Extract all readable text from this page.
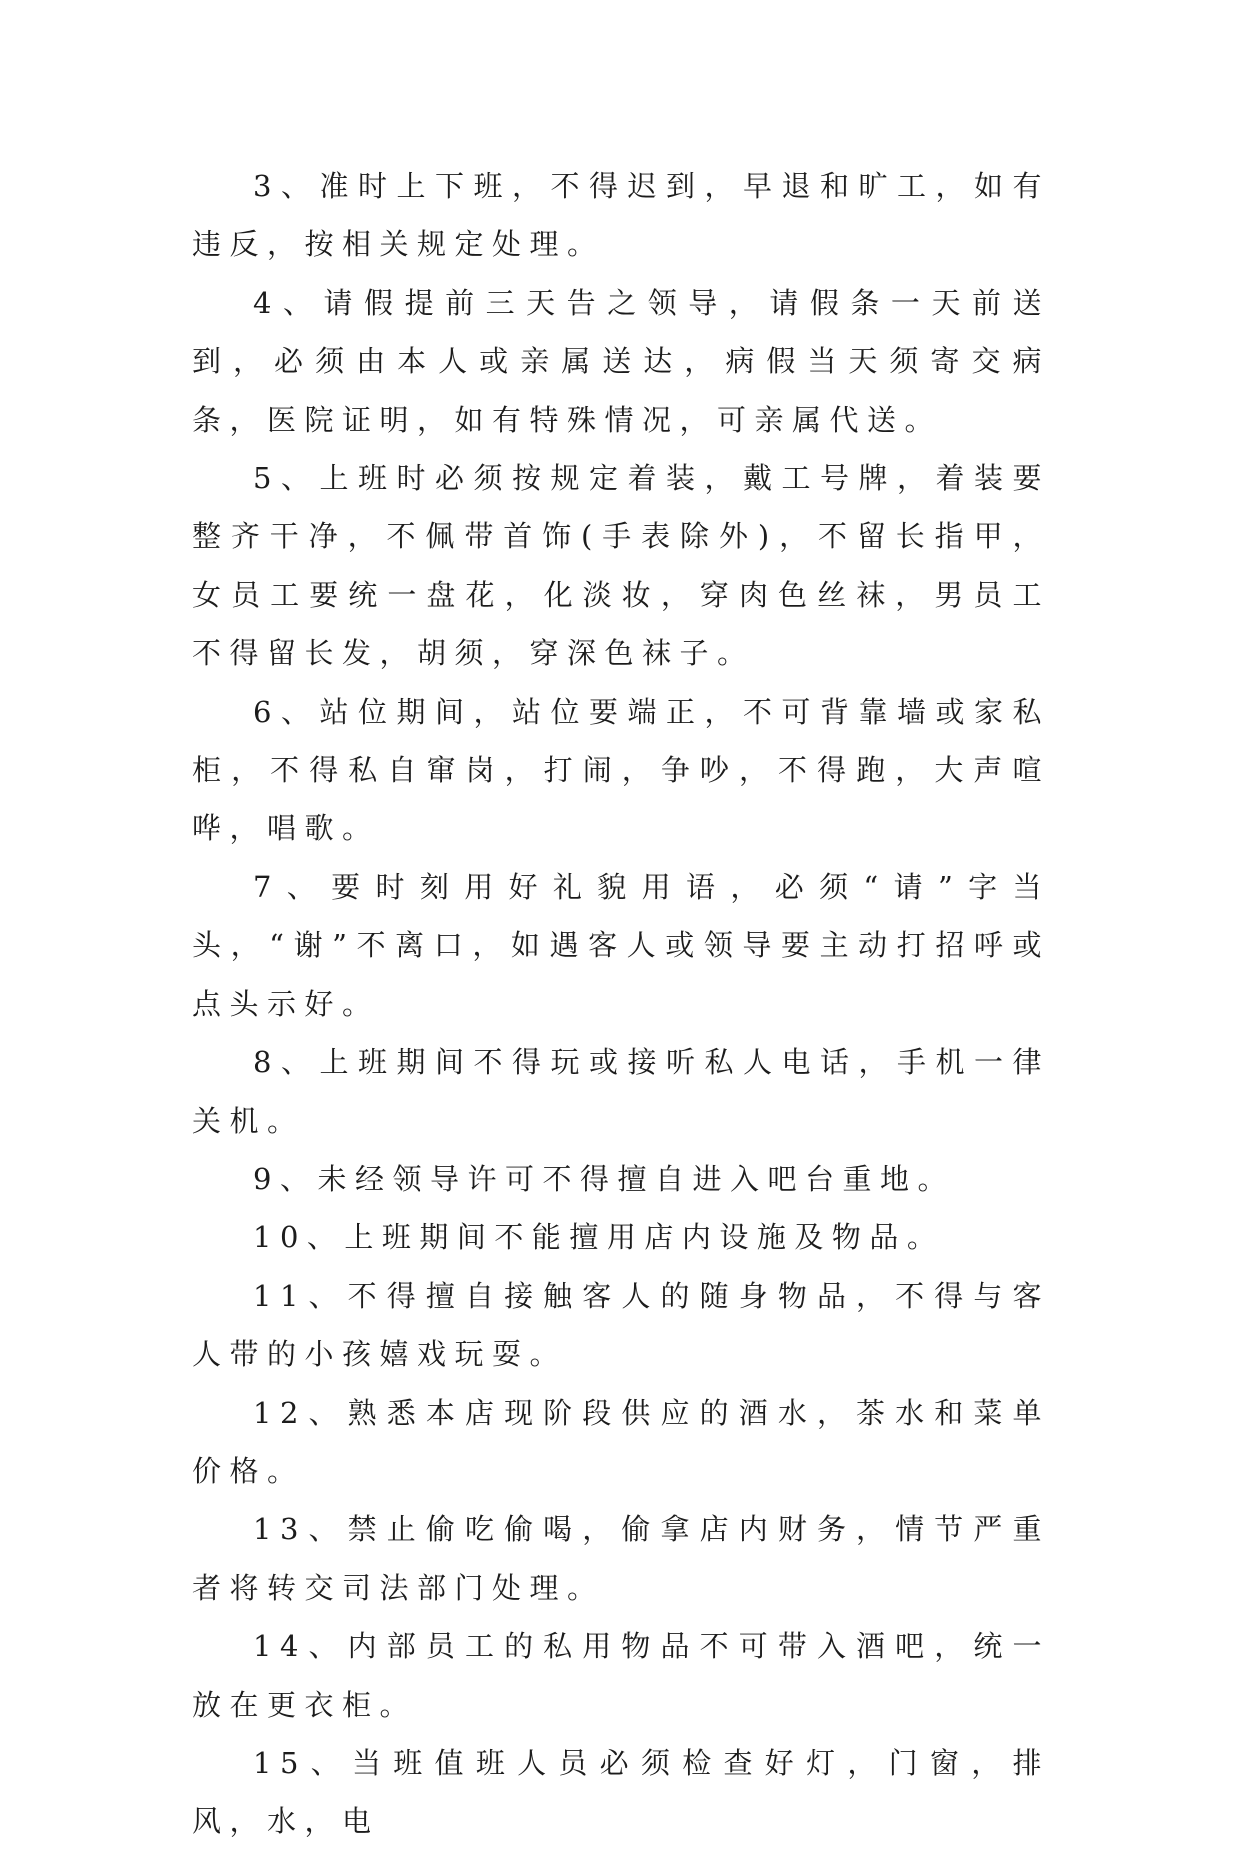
3、准时上下班，不得迟到，早退和旷工，如有违反，按相关规定处理。

4、请假提前三天告之领导，请假条一天前送到，必须由本人或亲属送达，病假当天须寄交病条，医院证明，如有特殊情况，可亲属代送。

5、上班时必须按规定着装，戴工号牌，着装要整齐干净，不佩带首饰(手表除外)，不留长指甲，女员工要统一盘花，化淡妆，穿肉色丝袜，男员工不得留长发，胡须，穿深色袜子。

6、站位期间，站位要端正，不可背靠墙或家私柜，不得私自窜岗，打闹，争吵，不得跑，大声喧哗，唱歌。

7、要时刻用好礼貌用语，必须“请”字当头，“谢”不离口，如遇客人或领导要主动打招呼或点头示好。

8、上班期间不得玩或接听私人电话，手机一律关机。

9、未经领导许可不得擅自进入吧台重地。

10、上班期间不能擅用店内设施及物品。

11、不得擅自接触客人的随身物品，不得与客人带的小孩嬉戏玩耍。

12、熟悉本店现阶段供应的酒水，茶水和菜单价格。

13、禁止偷吃偷喝，偷拿店内财务，情节严重者将转交司法部门处理。

14、内部员工的私用物品不可带入酒吧，统一放在更衣柜。

15、当班值班人员必须检查好灯，门窗，排风，水，电
